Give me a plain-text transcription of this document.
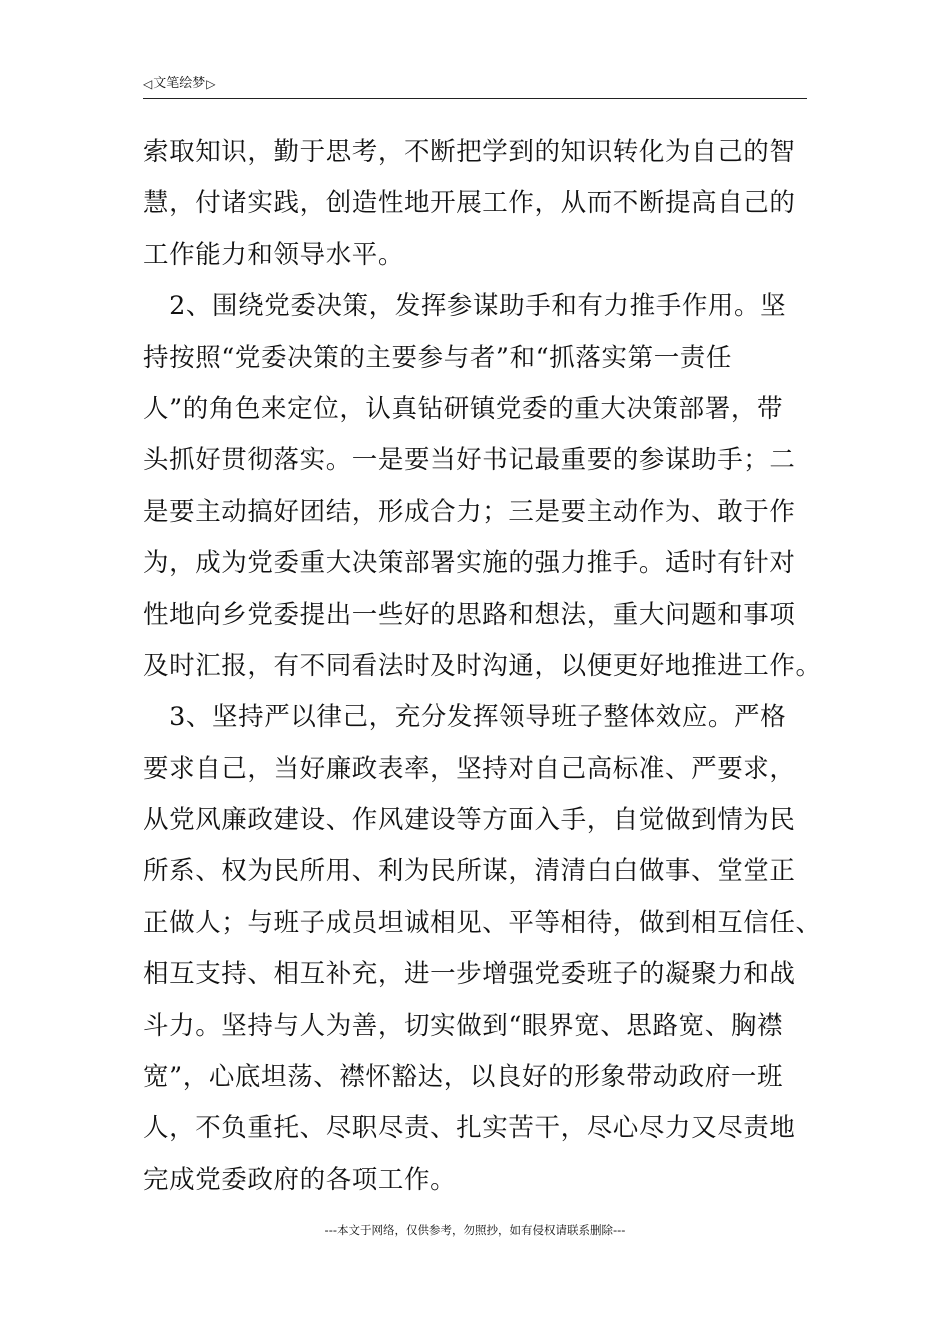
◁ 文笔绘梦 ▷
索取知识，勤于思考，不断把学到的知识转化为自己的智
慧，付诸实践，创造性地开展工作，从而不断提高自己的
工作能力和领导水平。
　2、围绕党委决策，发挥参谋助手和有力推手作用。坚
持按照“党委决策的主要参与者”和“抓落实第一责任
人”的角色来定位，认真钻研镇党委的重大决策部署，带
头抓好贯彻落实。一是要当好书记最重要的参谋助手；二
是要主动搞好团结，形成合力；三是要主动作为、敢于作
为，成为党委重大决策部署实施的强力推手。适时有针对
性地向乡党委提出一些好的思路和想法，重大问题和事项
及时汇报，有不同看法时及时沟通，以便更好地推进工作。
　3、坚持严以律己，充分发挥领导班子整体效应。严格
要求自己，当好廉政表率，坚持对自己高标准、严要求，
从党风廉政建设、作风建设等方面入手，自觉做到情为民
所系、权为民所用、利为民所谋，清清白白做事、堂堂正
正做人；与班子成员坦诚相见、平等相待，做到相互信任、
相互支持、相互补充，进一步增强党委班子的凝聚力和战
斗力。坚持与人为善，切实做到“眼界宽、思路宽、胸襟
宽”，心底坦荡、襟怀豁达，以良好的形象带动政府一班
人，不负重托、尽职尽责、扎实苦干，尽心尽力又尽责地
完成党委政府的各项工作。
---本文于网络，仅供参考，勿照抄，如有侵权请联系删除---
